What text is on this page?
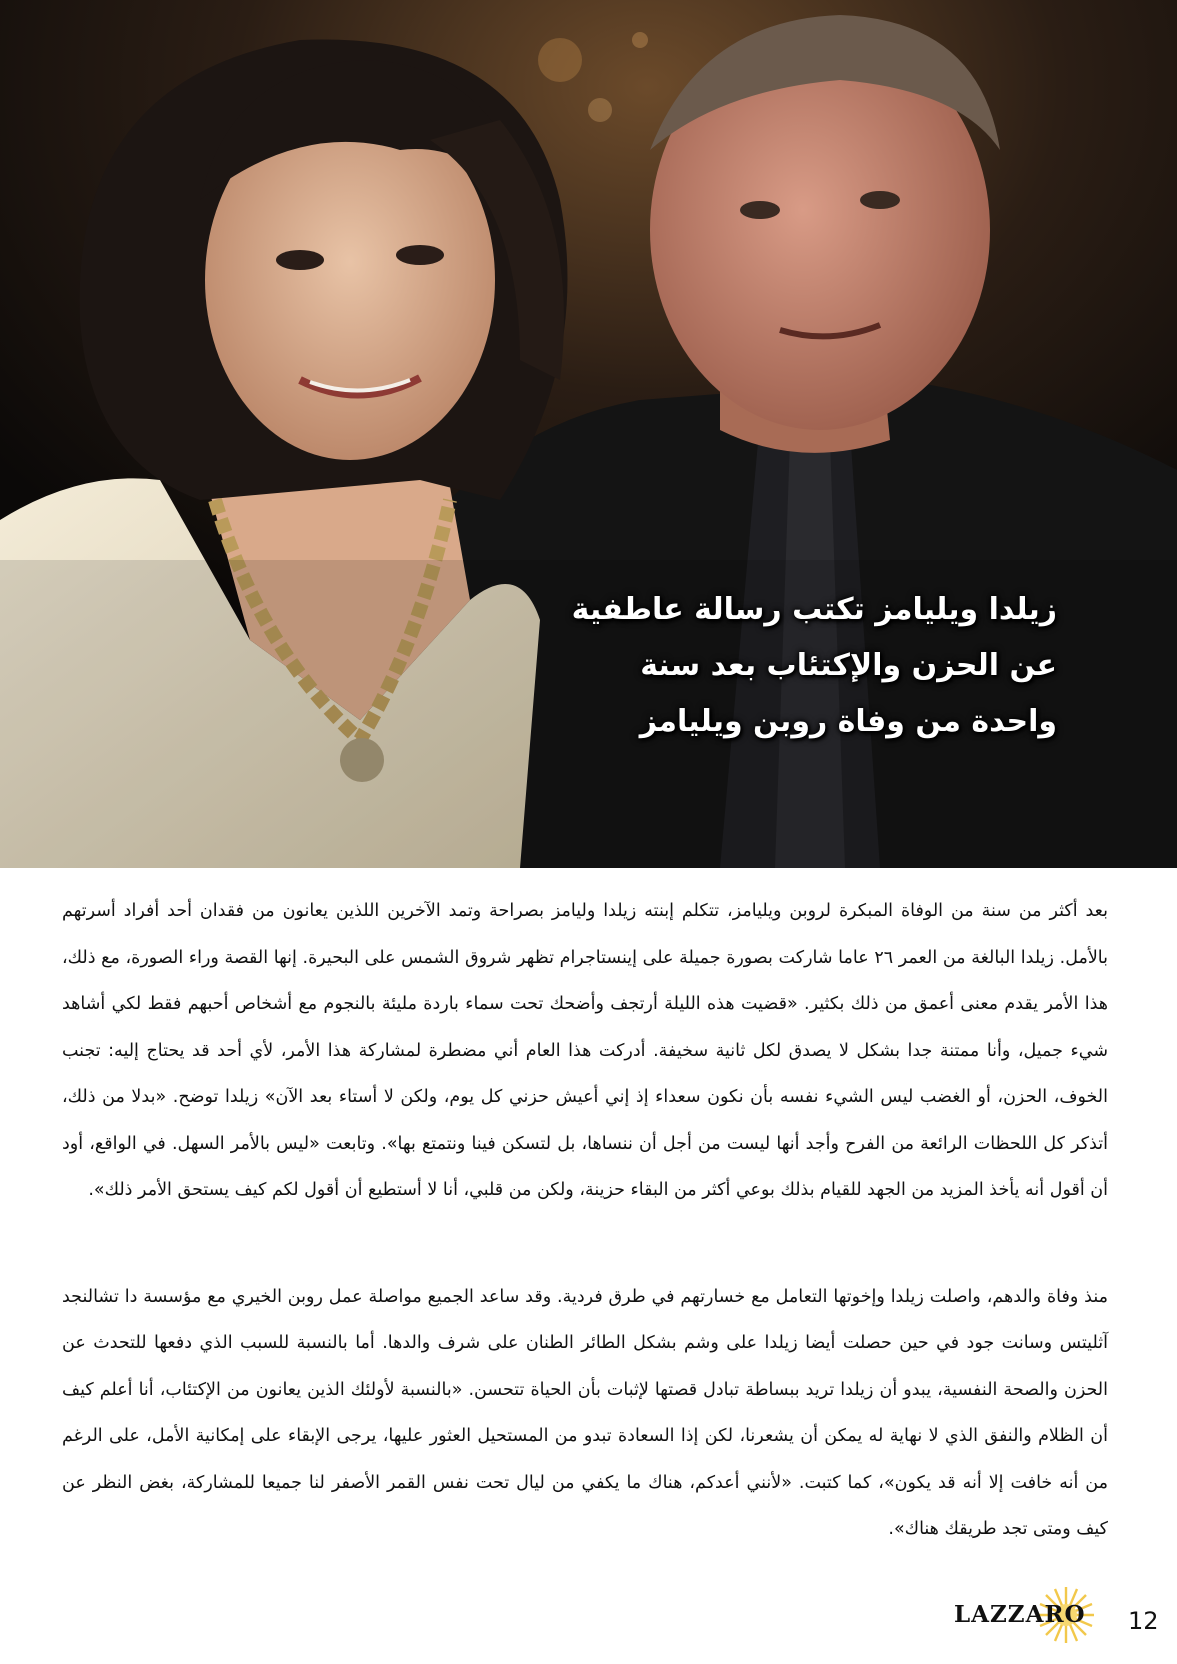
زيلدا ويليامز تكتب رسالة عاطفية
عن الحزن والإكتئاب بعد سنة
واحدة من وفاة روبن ويليامز

بعد أكثر من سنة من الوفاة المبكرة لروبن ويليامز، تتكلم إبنته زيلدا وليامز بصراحة وتمد الآخرين اللذين يعانون من فقدان أحد أفراد أسرتهم بالأمل. زيلدا البالغة من العمر ٢٦ عاما شاركت بصورة جميلة على إينستاجرام تظهر شروق الشمس على البحيرة. إنها القصة وراء الصورة، مع ذلك، هذا الأمر يقدم معنى أعمق من ذلك بكثير. «قضيت هذه الليلة أرتجف وأضحك تحت سماء باردة مليئة بالنجوم مع أشخاص أحبهم فقط لكي أشاهد شيء جميل، وأنا ممتنة جدا بشكل لا يصدق لكل ثانية سخيفة. أدركت هذا العام أني مضطرة لمشاركة هذا الأمر، لأي أحد قد يحتاج إليه: تجنب الخوف، الحزن، أو الغضب ليس الشيء نفسه بأن نكون سعداء إذ إني أعيش حزني كل يوم، ولكن لا أستاء بعد الآن» زيلدا توضح. «بدلا من ذلك، أتذكر كل اللحظات الرائعة من الفرح وأجد أنها ليست من أجل أن ننساها، بل لتسكن فينا ونتمتع بها». وتابعت «ليس بالأمر السهل. في الواقع، أود أن أقول أنه يأخذ المزيد من الجهد للقيام بذلك بوعي أكثر من البقاء حزينة، ولكن من قلبي، أنا لا أستطيع أن أقول لكم كيف يستحق الأمر ذلك».

منذ وفاة والدهم، واصلت زيلدا وإخوتها التعامل مع خسارتهم في طرق فردية. وقد ساعد الجميع مواصلة عمل روبن الخيري مع مؤسسة دا تشالنجد آثليتس وسانت جود في حين حصلت أيضا زيلدا على وشم بشكل الطائر الطنان على شرف والدها. أما بالنسبة للسبب الذي دفعها للتحدث عن الحزن والصحة النفسية، يبدو أن زيلدا تريد ببساطة تبادل قصتها لإثبات بأن الحياة تتحسن. «بالنسبة لأولئك الذين يعانون من الإكتئاب، أنا أعلم كيف أن الظلام والنفق الذي لا نهاية له يمكن أن يشعرنا، لكن إذا السعادة تبدو من المستحيل العثور عليها، يرجى الإبقاء على إمكانية الأمل، على الرغم من أنه خافت إلا أنه قد يكون»، كما كتبت. «لأنني أعدكم، هناك ما يكفي من ليال تحت نفس القمر الأصفر لنا جميعا للمشاركة، بغض النظر عن كيف ومتى تجد طريقك هناك».

LAZZARO 12
